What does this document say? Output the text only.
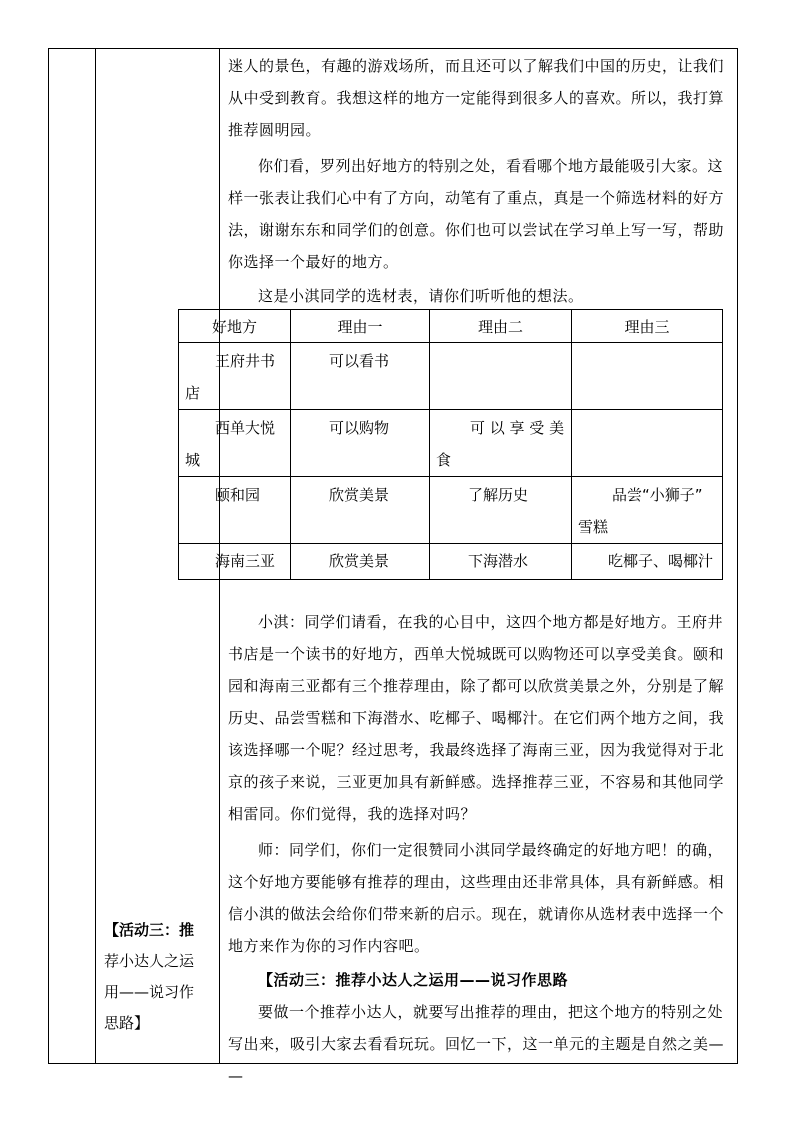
迷人的景色，有趣的游戏场所，而且还可以了解我们中国的历史，让我们
从中受到教育。我想这样的地方一定能得到很多人的喜欢。所以，我打算
推荐圆明园。
你们看，罗列出好地方的特别之处，看看哪个地方最能吸引大家。这
样一张表让我们心中有了方向，动笔有了重点，真是一个筛选材料的好方
法，谢谢东东和同学们的创意。你们也可以尝试在学习单上写一写，帮助
你选择一个最好的地方。
这是小淇同学的选材表，请你们听听他的想法。
好地方	理由一	理由二	理由三

王府井书
店	可以看书		

西单大悦
城	可以购物	可 以 享 受 美
食	

颐和园	欣赏美景	了解历史	品尝“小狮子”
雪糕

海南三亚	欣赏美景	下海潜水	吃椰子、喝椰汁
小淇：同学们请看，在我的心目中，这四个地方都是好地方。王府井
书店是一个读书的好地方，西单大悦城既可以购物还可以享受美食。颐和
园和海南三亚都有三个推荐理由，除了都可以欣赏美景之外，分别是了解
历史、品尝雪糕和下海潜水、吃椰子、喝椰汁。在它们两个地方之间，我
该选择哪一个呢？经过思考，我最终选择了海南三亚，因为我觉得对于北
京的孩子来说，三亚更加具有新鲜感。选择推荐三亚，不容易和其他同学
相雷同。你们觉得，我的选择对吗？
师：同学们，你们一定很赞同小淇同学最终确定的好地方吧！的确，
这个好地方要能够有推荐的理由，这些理由还非常具体，具有新鲜感。相
信小淇的做法会给你们带来新的启示。现在，就请你从选材表中选择一个
地方来作为你的习作内容吧。
【活动三：推荐小达人之运用——说习作思路
要做一个推荐小达人，就要写出推荐的理由，把这个地方的特别之处
写出来，吸引大家去看看玩玩。回忆一下，这一单元的主题是自然之美—
—
【活动三：推
荐小达人之运
用——说习作
思路】
